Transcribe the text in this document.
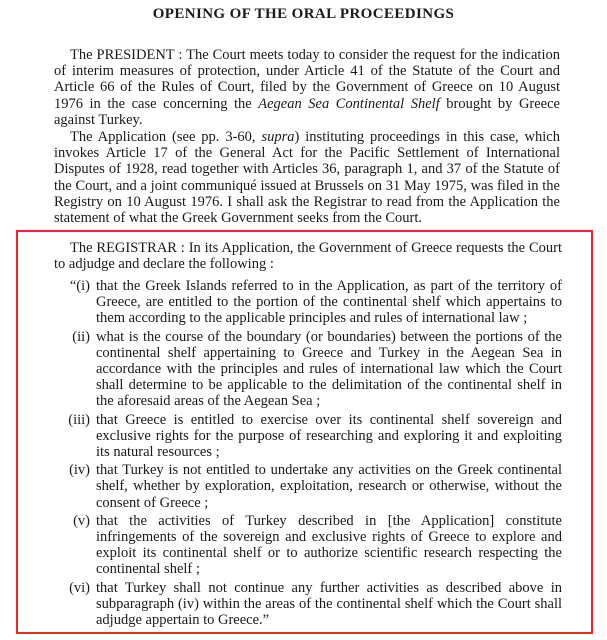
OPENING OF THE ORAL PROCEEDINGS

The PRESIDENT : The Court meets today to consider the request for the indication of interim measures of protection, under Article 41 of the Statute of the Court and Article 66 of the Rules of Court, filed by the Government of Greece on 10 August 1976 in the case concerning the Aegean Sea Continental Shelf brought by Greece against Turkey.

The Application (see pp. 3-60, supra) instituting proceedings in this case, which invokes Article 17 of the General Act for the Pacific Settlement of International Disputes of 1928, read together with Articles 36, paragraph 1, and 37 of the Statute of the Court, and a joint communiqué issued at Brussels on 31 May 1975, was filed in the Registry on 10 August 1976. I shall ask the Registrar to read from the Application the statement of what the Greek Government seeks from the Court.

The REGISTRAR : In its Application, the Government of Greece requests the Court to adjudge and declare the following :

“(i) that the Greek Islands referred to in the Application, as part of the territory of Greece, are entitled to the portion of the continental shelf which appertains to them according to the applicable principles and rules of international law ;
(ii) what is the course of the boundary (or boundaries) between the portions of the continental shelf appertaining to Greece and Turkey in the Aegean Sea in accordance with the principles and rules of international law which the Court shall determine to be applicable to the delimitation of the continental shelf in the aforesaid areas of the Aegean Sea ;
(iii) that Greece is entitled to exercise over its continental shelf sovereign and exclusive rights for the purpose of researching and exploring it and exploiting its natural resources ;
(iv) that Turkey is not entitled to undertake any activities on the Greek continental shelf, whether by exploration, exploitation, research or otherwise, without the consent of Greece ;
(v) that the activities of Turkey described in [the Application] constitute infringements of the sovereign and exclusive rights of Greece to explore and exploit its continental shelf or to authorize scientific research respecting the continental shelf ;
(vi) that Turkey shall not continue any further activities as described above in subparagraph (iv) within the areas of the continental shelf which the Court shall adjudge appertain to Greece.”
